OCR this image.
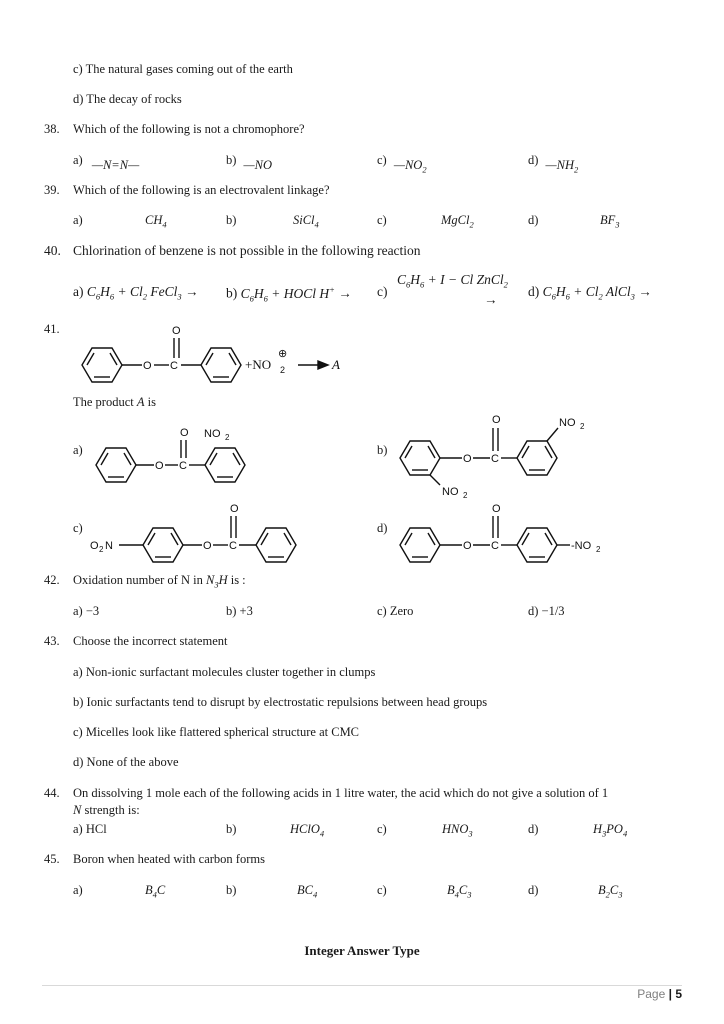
c) The natural gases coming out of the earth
d) The decay of rocks
38. Which of the following is not a chromophore?
a) —N=N—	b) —NO	c) $—NO_2$
d) $—NH_2$
39. Which of the following is an electrovalent linkage?
a)	$CH_4$	b)	SiCl$_4$	c)	MgCl$_2$	d)	$BF_3$
40. Chlorination of benzene is not possible in the following reaction
a) $C_6H_6 + Cl_2$ FeCl$_3$ → b) $C_6H_6$ + HOCl H+ → c)
$C_6H_6 + I - Cl$ ZnCl$_2$
→
d) $C_6H_6 + Cl_2$ AlCl$_3$ →
41.
O C
O
+NO 2
⊕
A
The product A is
a)	b)
c)	d)
O C
O NO 2
O C
O	NO 2
NO 2
O 2 N	O C
O
O C
O
-NO 2
42. Oxidation number of N in $N_3H$ is :
a) −3	b) +3	c) Zero	d) −1/3
43. Choose the incorrect statement
a) Non-ionic surfactant molecules cluster together in clumps
b) Ionic surfactants tend to disrupt by electrostatic repulsions between head groups
c) Micelles look like flattered spherical structure at CMC
d) None of the above
44. On dissolving 1 mole each of the following acids in 1 litre water, the acid which do not give a solution of 1
N strength is:
a) HCl	b)	HClO$_4$	c)	$HNO_3$	d)	$H_3PO_4$
45. Boron when heated with carbon forms
a)	$B_4C$	b)	$BC_4$	c)	$B_4C_3$	d)	$B_2C_3$
Integer Answer Type
Page | 5
